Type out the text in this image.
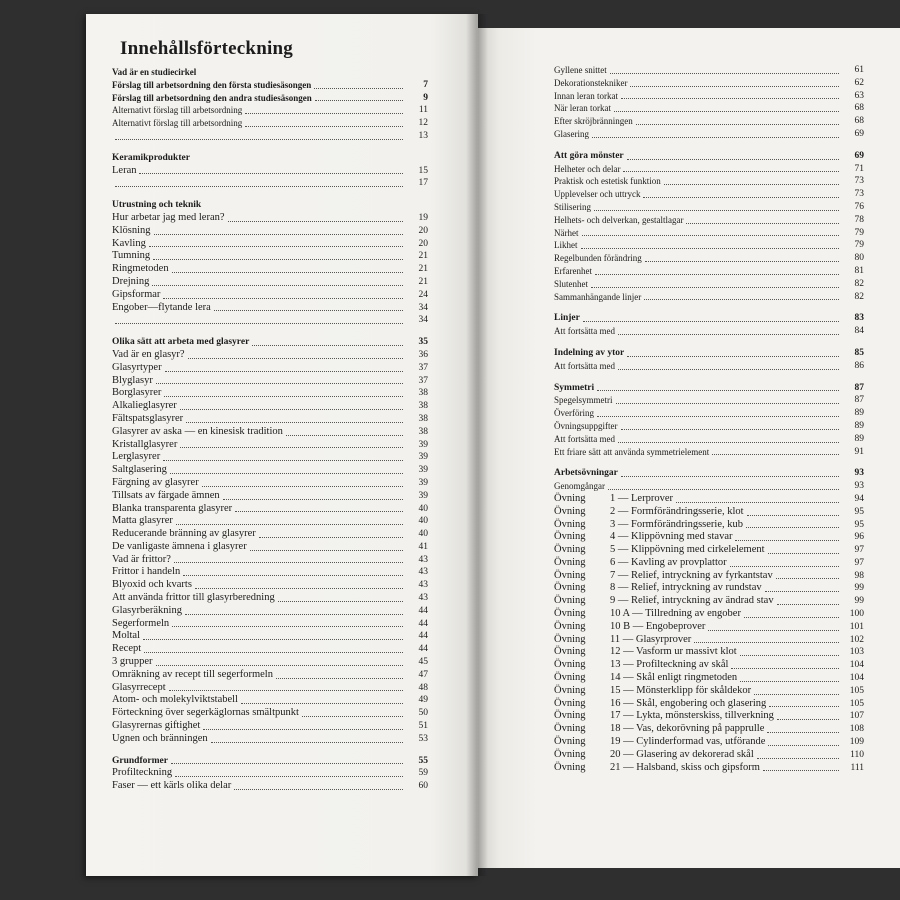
Innehållsförteckning
Vad är en studiecirkel
Förslag till arbetsordning den första studiesäsongen	7
Förslag till arbetsordning den andra studiesäsongen	9
Alternativt förslag till arbetsordning	11
Alternativt förslag till arbetsordning	12
13
Keramikprodukter
Leran	15
17
Utrustning och teknik
Hur arbetar jag med leran?	19
Klösning	20
Kavling	20
Tumning	21
Ringmetoden	21
Drejning	21
Gipsformar	24
Engober—flytande lera	34
34
Olika sätt att arbeta med glasyrer	35
Vad är en glasyr?	36
Glasyrtyper	37
Blyglasyr	37
Borglasyrer	38
Alkaliеglasyrer	38
Fältspatsglasyrer	38
Glasyrer av aska — en kinesisk tradition	38
Kristallglasyrer	39
Lerglasyrer	39
Saltglasering	39
Färgning av glasyrer	39
Tillsats av färgade ämnen	39
Blanka transparenta glasyrer	40
Matta glasyrer	40
Reducerande bränning av glasyrer	40
De vanligaste ämnena i glasyrer	41
Vad är frittor?	43
Frittor i handeln	43
Blyoxid och kvarts	43
Att använda frittor till glasyrberedning	43
Glasyrberäkning	44
Segerformeln	44
Moltal	44
Recept	44
3 grupper	45
Omräkning av recept till segerformeln	47
Glasyrrecept	48
Atom- och molekylviktstabell	49
Förteckning över segerkäglornas smältpunkt	50
Glasyrernas giftighet	51
Ugnen och bränningen	53
Grundformer	55
Profilteckning	59
Faser — ett kärls olika delar	60
Gyllene snittet	61
Dekorationstekniker	62
Innan leran torkat	63
När leran torkat	68
Efter skröjbränningen	68
Glasering	69
Att göra mönster	69
Helheter och delar	71
Praktisk och estetisk funktion	73
Upplevelser och uttryck	73
Stilisering	76
Helhets- och delverkan, gestaltlagar	78
Närhet	79
Likhet	79
Regelbunden förändring	80
Erfarenhet	81
Slutenhet	82
Sammanhängande linjer	82
Linjer	83
Att fortsätta med	84
Indelning av ytor	85
Att fortsätta med	86
Symmetri	87
Spegelsymmetri	87
Överföring	89
Övningsuppgifter	89
Att fortsätta med	89
Ett friare sätt att använda symmetrielement	91
Arbetsövningar	93
Genomgångar	93
Övning 1 — Lerprover	94
Övning 2 — Formförändringsserie, klot	95
Övning 3 — Formförändringsserie, kub	95
Övning 4 — Klippövning med stavar	96
Övning 5 — Klippövning med cirkelelement	97
Övning 6 — Kavling av provplattor	97
Övning 7 — Relief, intryckning av fyrkantstav	98
Övning 8 — Relief, intryckning av rundstav	99
Övning 9 — Relief, intryckning av ändrad stav	99
Övning 10 A — Tillredning av engober	100
Övning 10 B — Engobeprover	101
Övning 11 — Glasyrprover	102
Övning 12 — Vasform ur massivt klot	103
Övning 13 — Profilteckning av skål	104
Övning 14 — Skål enligt ringmetoden	104
Övning 15 — Mönsterklipp för skåldekor	105
Övning 16 — Skål, engobering och glasering	105
Övning 17 — Lykta, mönsterskiss, tillverkning	107
Övning 18 — Vas, dekorövning på papprulle	108
Övning 19 — Cylinderformad vas, utförande	109
Övning 20 — Glasering av dekorerad skål	110
Övning 21 — Halsband, skiss och gipsform	111
